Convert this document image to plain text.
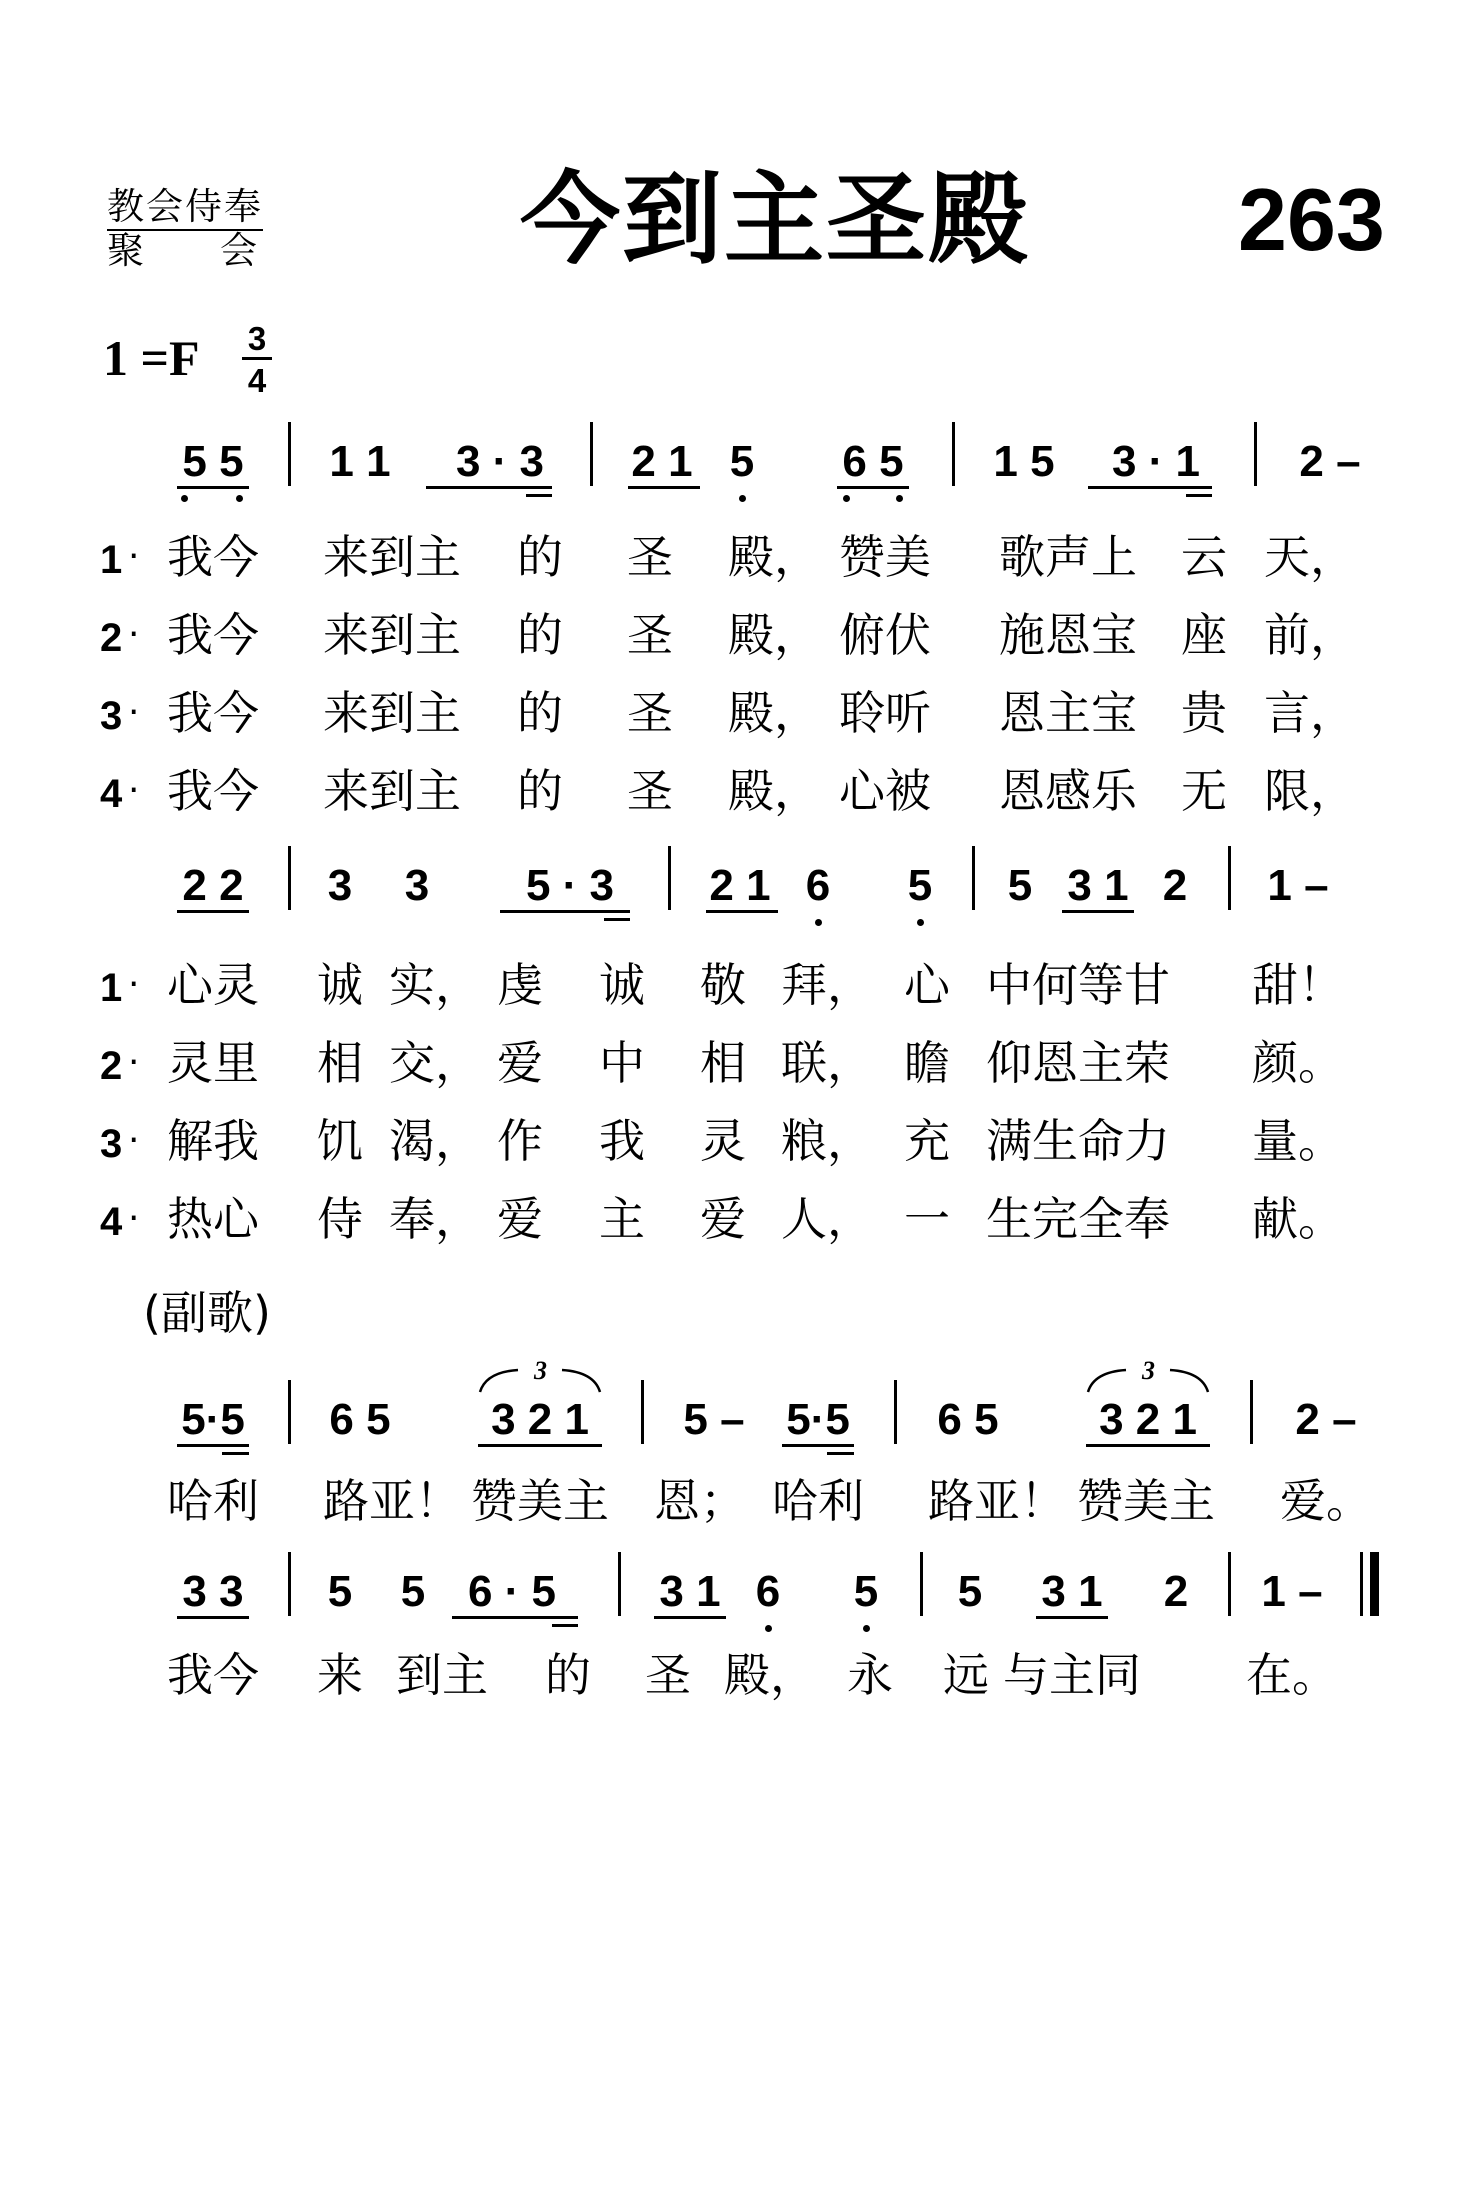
教会侍奉
聚 会	今到主圣殿 263
1 =F 3
4
5 5 1 1 3 · 3 2 1 5 6 5 1 5 3 · 1 2 –
1 · 我今 来到主 的 圣 殿， 赞美 歌声上 云 天，
2 · 我今 来到主 的 圣 殿， 俯伏 施恩宝 座 前，
3 · 我今 来到主 的 圣 殿， 聆听 恩主宝 贵 言，
4 · 我今 来到主 的 圣 殿， 心被 恩感乐 无 限，
2 2 3 3 5 · 3 2 1 6 5 5 3 1 2 1 –
1 · 心灵 诚 实， 虔 诚 敬 拜， 心 中何等甘 甜！
2 · 灵里 相 交， 爱 中 相 联， 瞻 仰恩主荣 颜。
3 · 解我 饥 渴， 作 我 灵 粮， 充 满生命力 量。
4 · 热心 侍 奉， 爱 主 爱 人， 一 生完全奉 献。
(副歌)
5·5 6 5 3 2 1
3
5 – 5·5 6 5 3 2 1
3
2 –
哈利 路亚！ 赞美主 恩； 哈利 路亚！ 赞美主 爱。
3 3 5 5 6 · 5 3 1 6 5 5 3 1 2 1 –
我今 来 到主 的 圣 殿， 永 远 与主同 在。
